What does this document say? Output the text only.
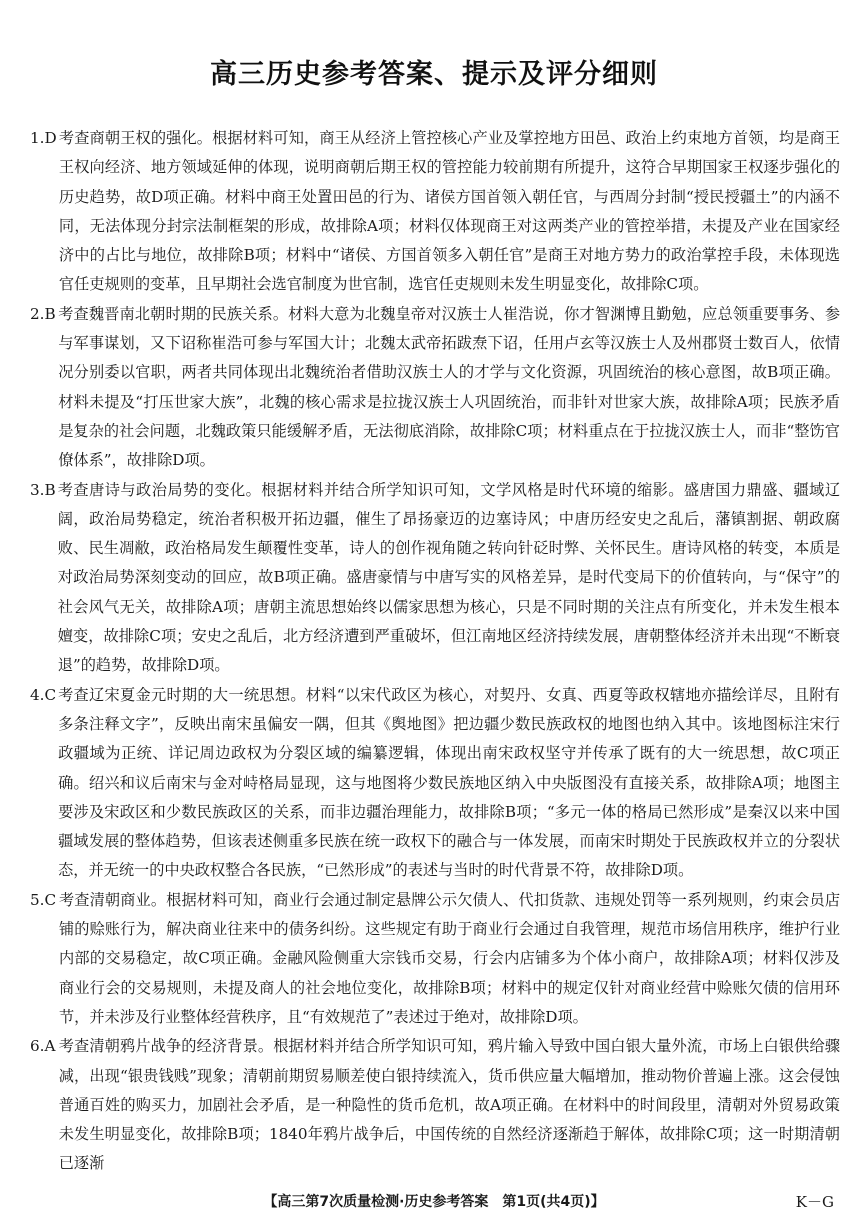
高三历史参考答案、提示及评分细则
1.D 考查商朝王权的强化。根据材料可知，商王从经济上管控核心产业及掌控地方田邑、政治上约束地方首领，均是商王王权向经济、地方领域延伸的体现，说明商朝后期王权的管控能力较前期有所提升，这符合早期国家王权逐步强化的历史趋势，故D项正确。材料中商王处置田邑的行为、诸侯方国首领入朝任官，与西周分封制“授民授疆土”的内涵不同，无法体现分封宗法制框架的形成，故排除A项；材料仅体现商王对这两类产业的管控举措，未提及产业在国家经济中的占比与地位，故排除B项；材料中“诸侯、方国首领多入朝任官”是商王对地方势力的政治掌控手段，未体现选官任吏规则的变革，且早期社会选官制度为世官制，选官任吏规则未发生明显变化，故排除C项。
2.B 考查魏晋南北朝时期的民族关系。材料大意为北魏皇帝对汉族士人崔浩说，你才智渊博且勤勉，应总领重要事务、参与军事谋划，又下诏称崔浩可参与军国大计；北魏太武帝拓跋焘下诏，任用卢玄等汉族士人及州郡贤士数百人，依情况分别委以官职，两者共同体现出北魏统治者借助汉族士人的才学与文化资源，巩固统治的核心意图，故B项正确。材料未提及“打压世家大族”，北魏的核心需求是拉拢汉族士人巩固统治，而非针对世家大族，故排除A项；民族矛盾是复杂的社会问题，北魏政策只能缓解矛盾，无法彻底消除，故排除C项；材料重点在于拉拢汉族士人，而非“整饬官僚体系”，故排除D项。
3.B 考查唐诗与政治局势的变化。根据材料并结合所学知识可知，文学风格是时代环境的缩影。盛唐国力鼎盛、疆域辽阔，政治局势稳定，统治者积极开拓边疆，催生了昂扬豪迈的边塞诗风；中唐历经安史之乱后，藩镇割据、朝政腐败、民生凋敝，政治格局发生颠覆性变革，诗人的创作视角随之转向针砭时弊、关怀民生。唐诗风格的转变，本质是对政治局势深刻变动的回应，故B项正确。盛唐豪情与中唐写实的风格差异，是时代变局下的价值转向，与“保守”的社会风气无关，故排除A项；唐朝主流思想始终以儒家思想为核心，只是不同时期的关注点有所变化，并未发生根本嬗变，故排除C项；安史之乱后，北方经济遭到严重破坏，但江南地区经济持续发展，唐朝整体经济并未出现“不断衰退”的趋势，故排除D项。
4.C 考查辽宋夏金元时期的大一统思想。材料“以宋代政区为核心，对契丹、女真、西夏等政权辖地亦描绘详尽，且附有多条注释文字”，反映出南宋虽偏安一隅，但其《舆地图》把边疆少数民族政权的地图也纳入其中。该地图标注宋行政疆域为正统、详记周边政权为分裂区域的编纂逻辑，体现出南宋政权坚守并传承了既有的大一统思想，故C项正确。绍兴和议后南宋与金对峙格局显现，这与地图将少数民族地区纳入中央版图没有直接关系，故排除A项；地图主要涉及宋政区和少数民族政区的关系，而非边疆治理能力，故排除B项；“多元一体的格局已然形成”是秦汉以来中国疆域发展的整体趋势，但该表述侧重多民族在统一政权下的融合与一体发展，而南宋时期处于民族政权并立的分裂状态，并无统一的中央政权整合各民族，“已然形成”的表述与当时的时代背景不符，故排除D项。
5.C 考查清朝商业。根据材料可知，商业行会通过制定悬牌公示欠债人、代扣货款、违规处罚等一系列规则，约束会员店铺的赊账行为，解决商业往来中的债务纠纷。这些规定有助于商业行会通过自我管理，规范市场信用秩序，维护行业内部的交易稳定，故C项正确。金融风险侧重大宗钱币交易，行会内店铺多为个体小商户，故排除A项；材料仅涉及商业行会的交易规则，未提及商人的社会地位变化，故排除B项；材料中的规定仅针对商业经营中赊账欠债的信用环节，并未涉及行业整体经营秩序，且“有效规范了”表述过于绝对，故排除D项。
6.A 考查清朝鸦片战争的经济背景。根据材料并结合所学知识可知，鸦片输入导致中国白银大量外流，市场上白银供给骤减，出现“银贵钱贱”现象；清朝前期贸易顺差使白银持续流入，货币供应量大幅增加，推动物价普遍上涨。这会侵蚀普通百姓的购买力，加剧社会矛盾，是一种隐性的货币危机，故A项正确。在材料中的时间段里，清朝对外贸易政策未发生明显变化，故排除B项；1840年鸦片战争后，中国传统的自然经济逐渐趋于解体，故排除C项；这一时期清朝已逐渐
【高三第7次质量检测·历史参考答案　第1页(共4页)】	K－G
